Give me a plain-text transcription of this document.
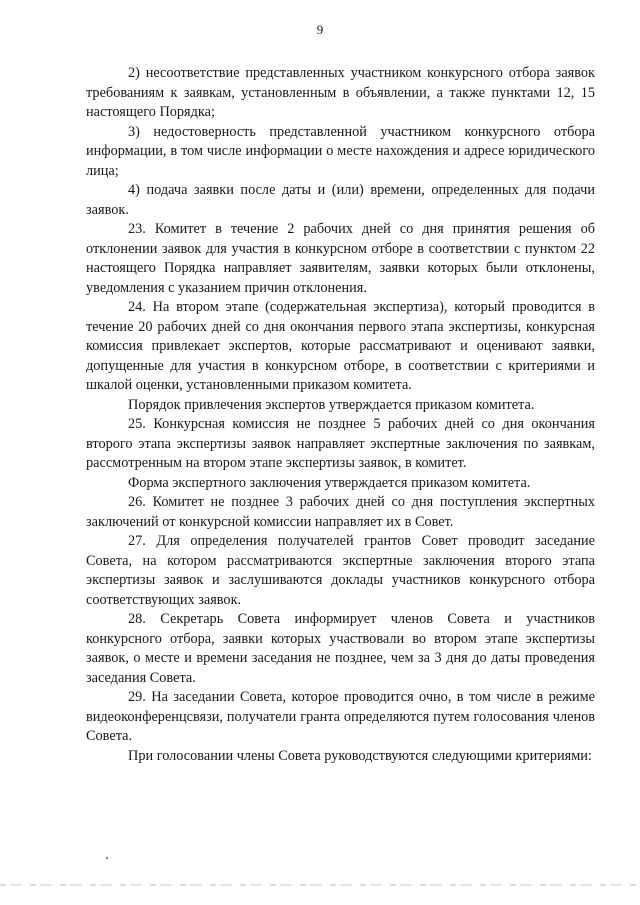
9

2) несоответствие представленных участником конкурсного отбора заявок требованиям к заявкам, установленным в объявлении, а также пунктами 12, 15 настоящего Порядка;

3) недостоверность представленной участником конкурсного отбора информации, в том числе информации о месте нахождения и адресе юридического лица;

4) подача заявки после даты и (или) времени, определенных для подачи заявок.

23. Комитет в течение 2 рабочих дней со дня принятия решения об отклонении заявок для участия в конкурсном отборе в соответствии с пунктом 22 настоящего Порядка направляет заявителям, заявки которых были отклонены, уведомления с указанием причин отклонения.

24. На втором этапе (содержательная экспертиза), который проводится в течение 20 рабочих дней со дня окончания первого этапа экспертизы, конкурсная комиссия привлекает экспертов, которые рассматривают и оценивают заявки, допущенные для участия в конкурсном отборе, в соответствии с критериями и шкалой оценки, установленными приказом комитета.

Порядок привлечения экспертов утверждается приказом комитета.

25. Конкурсная комиссия не позднее 5 рабочих дней со дня окончания второго этапа экспертизы заявок направляет экспертные заключения по заявкам, рассмотренным на втором этапе экспертизы заявок, в комитет.

Форма экспертного заключения утверждается приказом комитета.

26. Комитет не позднее 3 рабочих дней со дня поступления экспертных заключений от конкурсной комиссии направляет их в Совет.

27. Для определения получателей грантов Совет проводит заседание Совета, на котором рассматриваются экспертные заключения второго этапа экспертизы заявок и заслушиваются доклады участников конкурсного отбора соответствующих заявок.

28. Секретарь Совета информирует членов Совета и участников конкурсного отбора, заявки которых участвовали во втором этапе экспертизы заявок, о месте и времени заседания не позднее, чем за 3 дня до даты проведения заседания Совета.

29. На заседании Совета, которое проводится очно, в том числе в режиме видеоконференцсвязи, получатели гранта определяются путем голосования членов Совета.

При голосовании члены Совета руководствуются следующими критериями:
